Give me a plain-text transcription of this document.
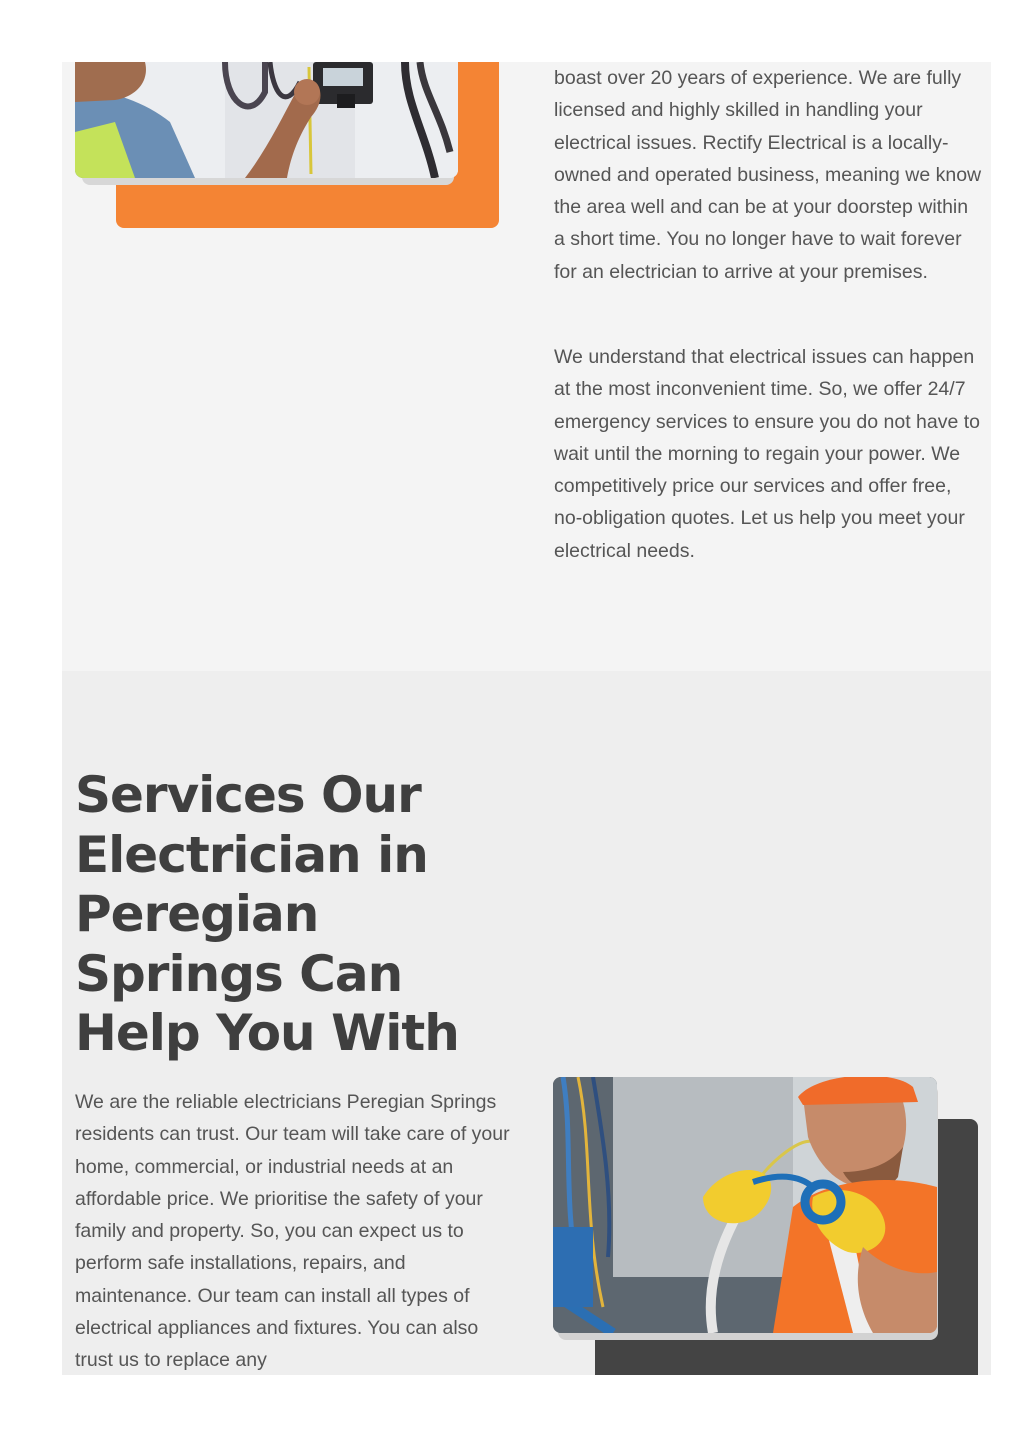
boast over 20 years of experience. We are fully licensed and highly skilled in handling your electrical issues. Rectify Electrical is a locally-owned and operated business, meaning we know the area well and can be at your doorstep within a short time. You no longer have to wait forever for an electrician to arrive at your premises.

We understand that electrical issues can happen at the most inconvenient time. So, we offer 24/7 emergency services to ensure you do not have to wait until the morning to regain your power. We competitively price our services and offer free, no-obligation quotes. Let us help you meet your electrical needs.

Services Our Electrician in Peregian Springs Can Help You With

We are the reliable electricians Peregian Springs residents can trust. Our team will take care of your home, commercial, or industrial needs at an affordable price. We prioritise the safety of your family and property. So, you can expect us to perform safe installations, repairs, and maintenance. Our team can install all types of electrical appliances and fixtures. You can also trust us to replace any
